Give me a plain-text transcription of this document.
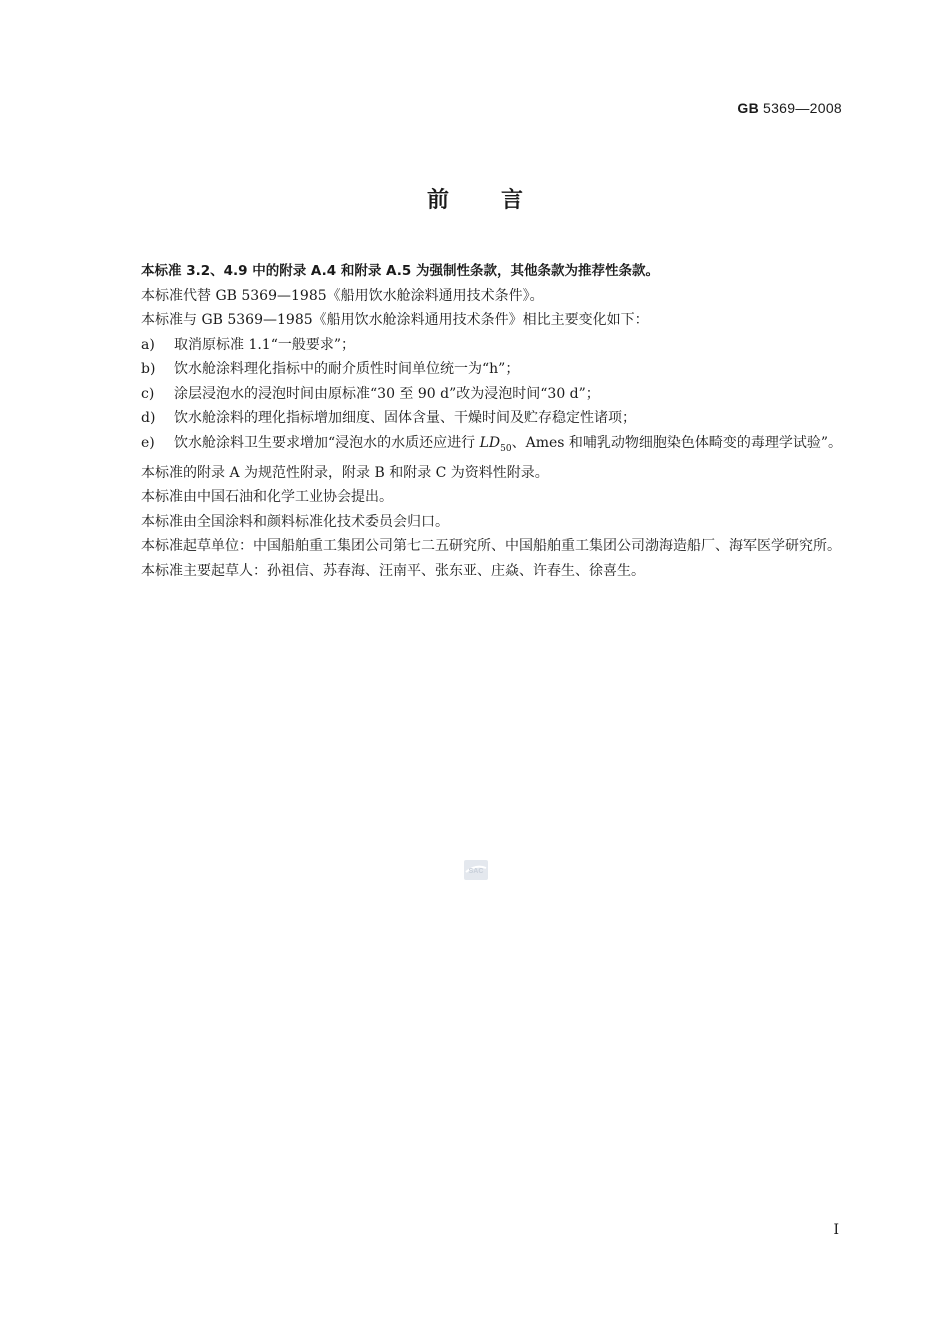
GB 5369—2008
前言

本标准 3.2、4.9 中的附录 A.4 和附录 A.5 为强制性条款，其他条款为推荐性条款。

本标准代替 GB 5369—1985《船用饮水舱涂料通用技术条件》。

本标准与 GB 5369—1985《船用饮水舱涂料通用技术条件》相比主要变化如下：

a) 取消原标准 1.1“一般要求”；

b) 饮水舱涂料理化指标中的耐介质性时间单位统一为“h”；

c) 涂层浸泡水的浸泡时间由原标准“30 至 90 d”改为浸泡时间“30 d”；

d) 饮水舱涂料的理化指标增加细度、固体含量、干燥时间及贮存稳定性诸项；

e) 饮水舱涂料卫生要求增加“浸泡水的水质还应进行 $LD_{50}$、Ames 和哺乳动物细胞染色体畸变的毒理学试验”。

本标准的附录 A 为规范性附录，附录 B 和附录 C 为资料性附录。

本标准由中国石油和化学工业协会提出。

本标准由全国涂料和颜料标准化技术委员会归口。

本标准起草单位：中国船舶重工集团公司第七二五研究所、中国船舶重工集团公司渤海造船厂、海军医学研究所。

本标准主要起草人：孙祖信、苏春海、汪南平、张东亚、庄焱、许春生、徐喜生。

SAC
I
